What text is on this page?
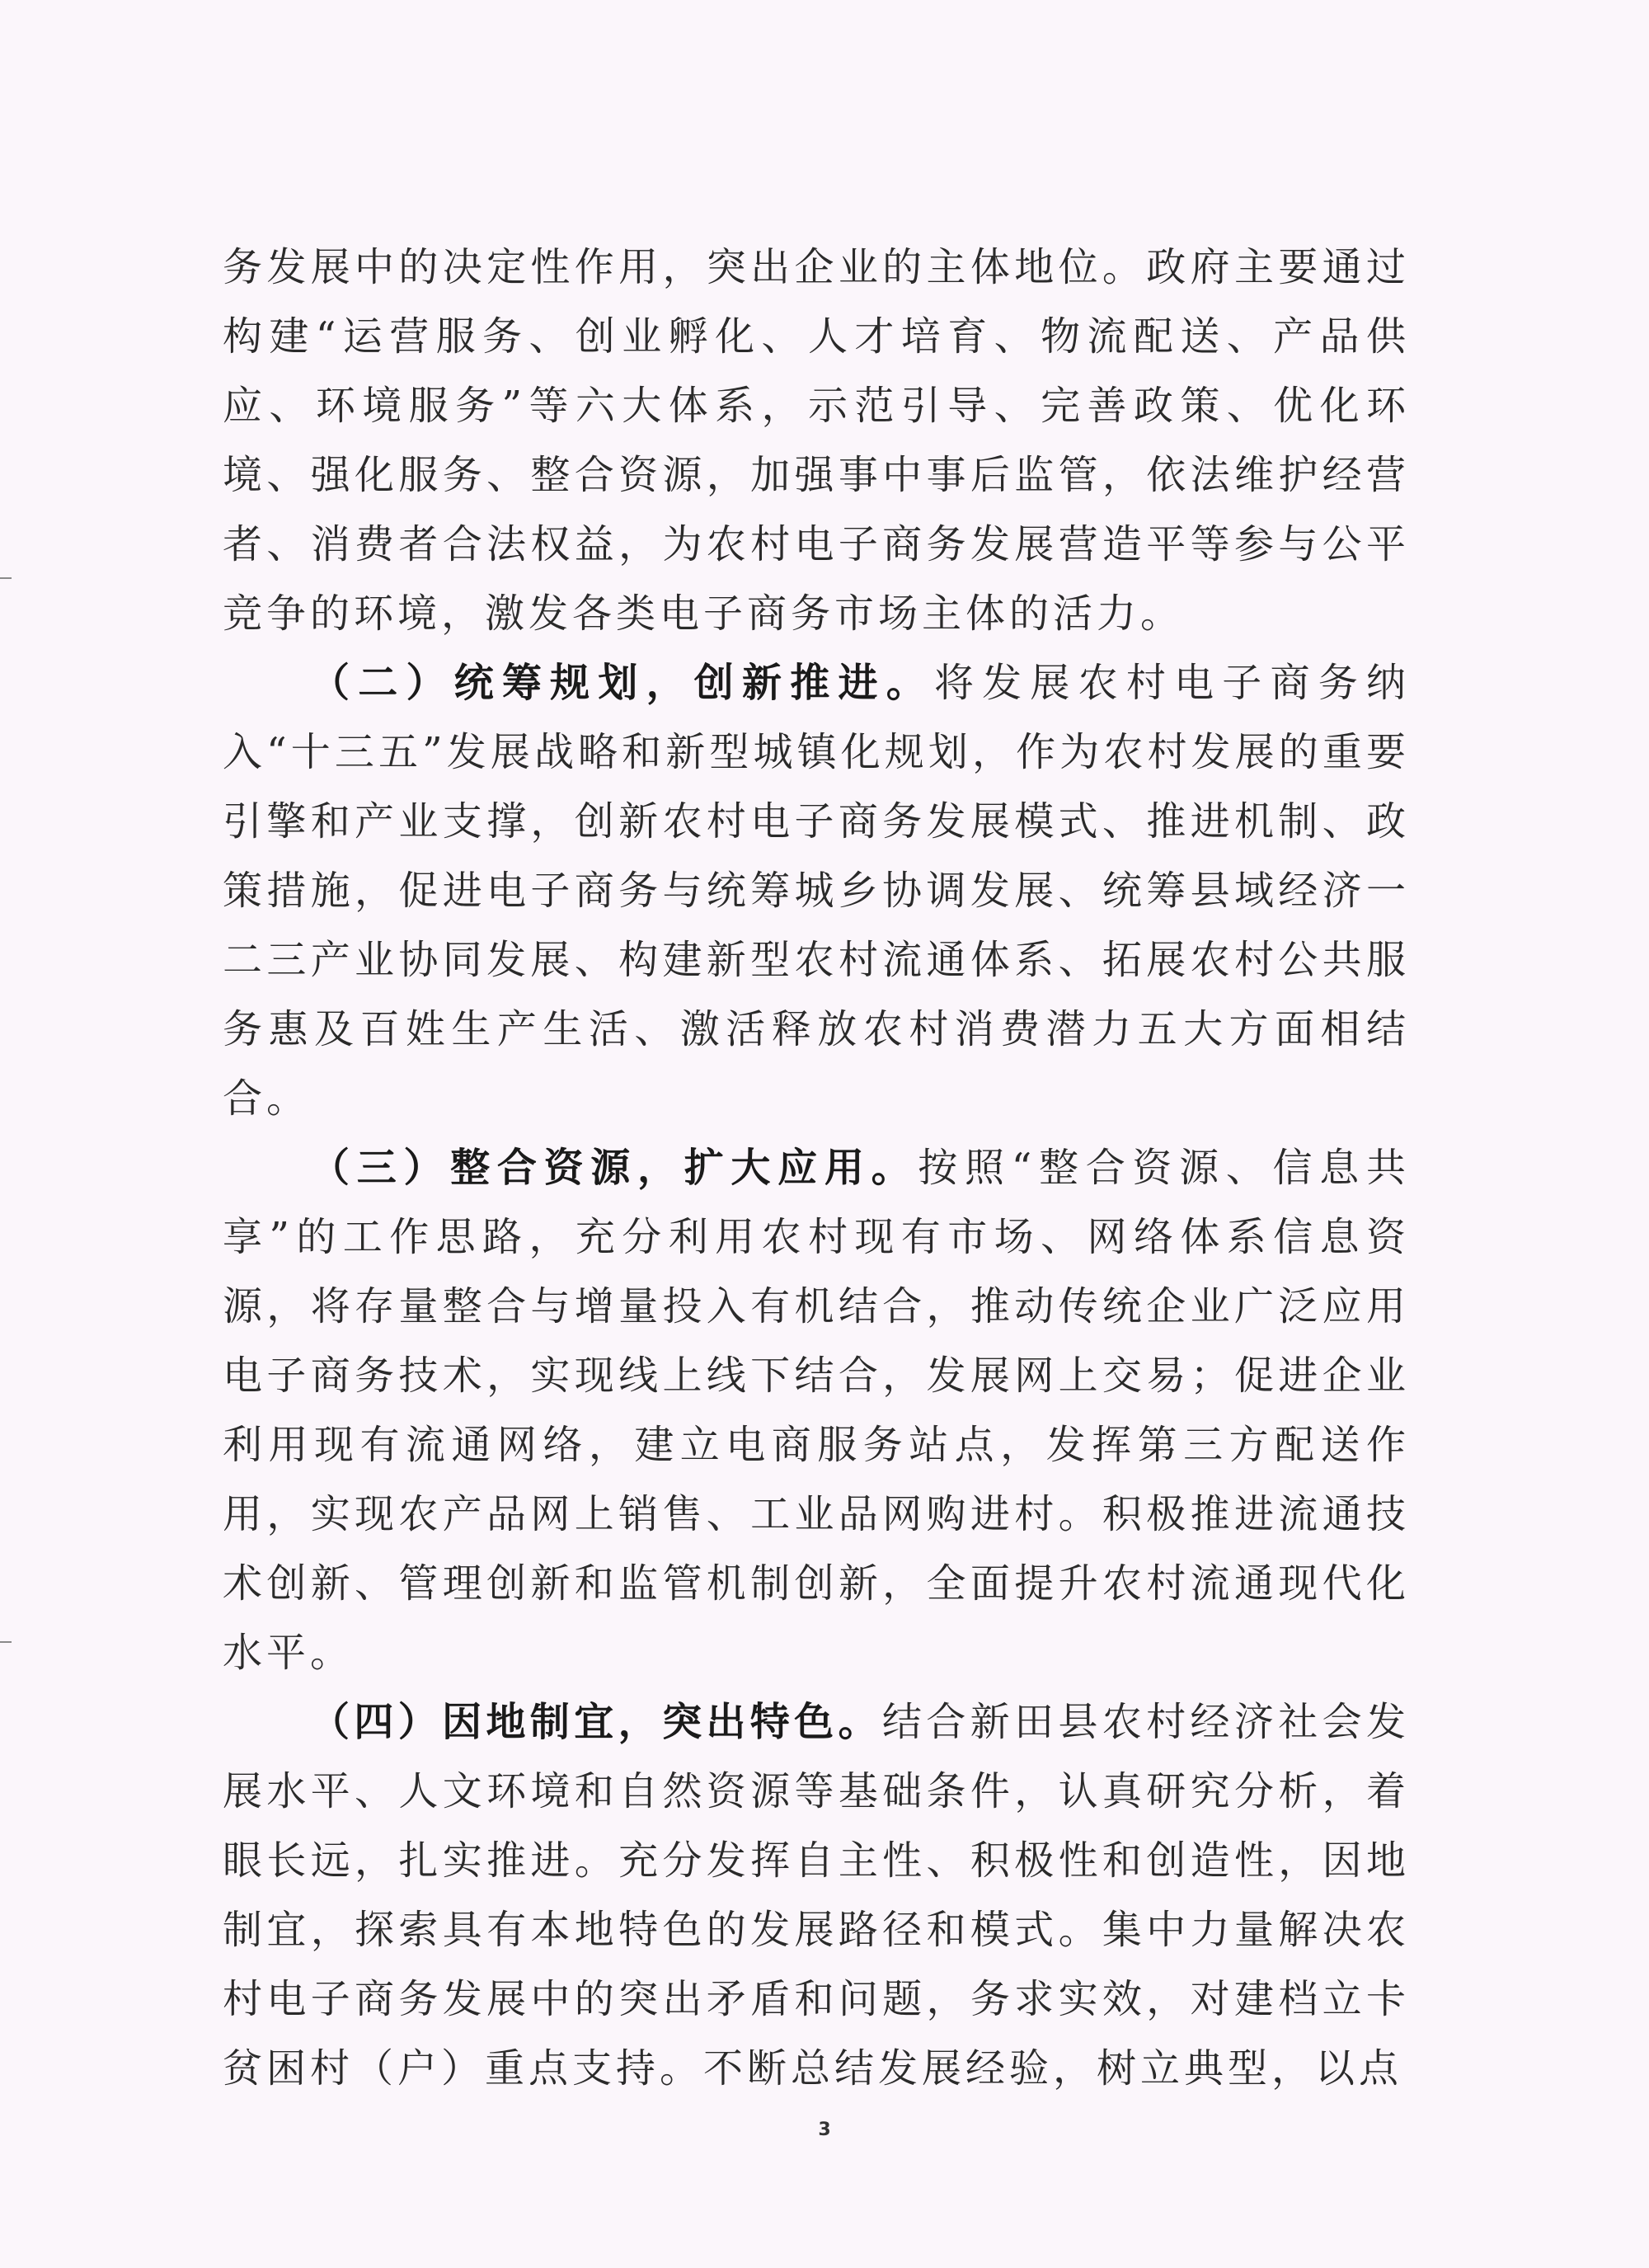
务发展中的决定性作用，突出企业的主体地位。政府主要通过构建“运营服务、创业孵化、人才培育、物流配送、产品供应、环境服务”等六大体系，示范引导、完善政策、优化环境、强化服务、整合资源，加强事中事后监管，依法维护经营者、消费者合法权益，为农村电子商务发展营造平等参与公平竞争的环境，激发各类电子商务市场主体的活力。

（二）统筹规划，创新推进。将发展农村电子商务纳入“十三五”发展战略和新型城镇化规划，作为农村发展的重要引擎和产业支撑，创新农村电子商务发展模式、推进机制、政策措施，促进电子商务与统筹城乡协调发展、统筹县域经济一二三产业协同发展、构建新型农村流通体系、拓展农村公共服务惠及百姓生产生活、激活释放农村消费潜力五大方面相结合。

（三）整合资源，扩大应用。按照“整合资源、信息共享”的工作思路，充分利用农村现有市场、网络体系信息资源，将存量整合与增量投入有机结合，推动传统企业广泛应用电子商务技术，实现线上线下结合，发展网上交易；促进企业利用现有流通网络，建立电商服务站点，发挥第三方配送作用，实现农产品网上销售、工业品网购进村。积极推进流通技术创新、管理创新和监管机制创新，全面提升农村流通现代化水平。

（四）因地制宜，突出特色。结合新田县农村经济社会发展水平、人文环境和自然资源等基础条件，认真研究分析，着眼长远，扎实推进。充分发挥自主性、积极性和创造性，因地制宜，探索具有本地特色的发展路径和模式。集中力量解决农村电子商务发展中的突出矛盾和问题，务求实效，对建档立卡贫困村（户）重点支持。不断总结发展经验，树立典型，以点

3
